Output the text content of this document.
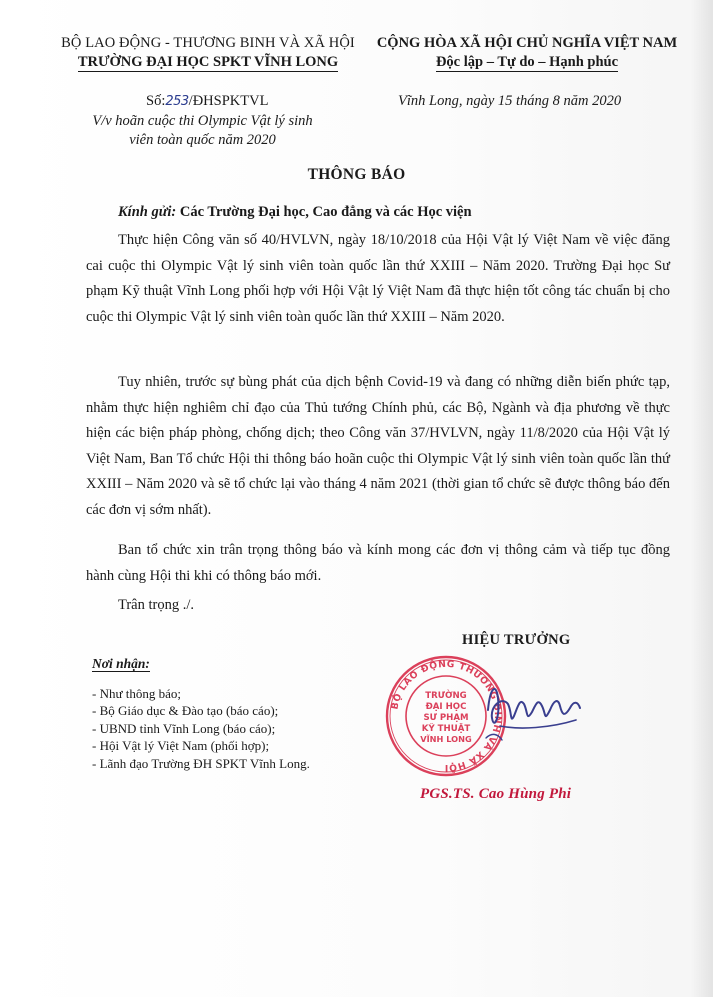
BỘ LAO ĐỘNG - THƯƠNG BINH VÀ XÃ HỘI
TRƯỜNG ĐẠI HỌC SPKT VĨNH LONG
CỘNG HÒA XÃ HỘI CHỦ NGHĨA VIỆT NAM
Độc lập – Tự do – Hạnh phúc
Số:253/ĐHSPKTVL
V/v hoãn cuộc thi Olympic Vật lý sinh viên toàn quốc năm 2020
Vĩnh Long, ngày 15 tháng 8 năm 2020
THÔNG BÁO
Kính gửi: Các Trường Đại học, Cao đẳng và các Học viện
Thực hiện Công văn số 40/HVLVN, ngày 18/10/2018 của Hội Vật lý Việt Nam về việc đăng cai cuộc thi Olympic Vật lý sinh viên toàn quốc lần thứ XXIII – Năm 2020. Trường Đại học Sư phạm Kỹ thuật Vĩnh Long phối hợp với Hội Vật lý Việt Nam đã thực hiện tốt công tác chuẩn bị cho cuộc thi Olympic Vật lý sinh viên toàn quốc lần thứ XXIII – Năm 2020.
Tuy nhiên, trước sự bùng phát của dịch bệnh Covid-19 và đang có những diễn biến phức tạp, nhằm thực hiện nghiêm chỉ đạo của Thủ tướng Chính phủ, các Bộ, Ngành và địa phương về thực hiện các biện pháp phòng, chống dịch; theo Công văn 37/HVLVN, ngày 11/8/2020 của Hội Vật lý Việt Nam, Ban Tổ chức Hội thi thông báo hoãn cuộc thi Olympic Vật lý sinh viên toàn quốc lần thứ XXIII – Năm 2020 và sẽ tổ chức lại vào tháng 4 năm 2021 (thời gian tổ chức sẽ được thông báo đến các đơn vị sớm nhất).
Ban tổ chức xin trân trọng thông báo và kính mong các đơn vị thông cảm và tiếp tục đồng hành cùng Hội thi khi có thông báo mới.
Trân trọng ./.
HIỆU TRƯỞNG
Nơi nhận:
- Như thông báo;
- Bộ Giáo dục & Đào tạo (báo cáo);
- UBND tỉnh Vĩnh Long (báo cáo);
- Hội Vật lý Việt Nam (phối hợp);
- Lãnh đạo Trường ĐH SPKT Vĩnh Long.
BỘ LAO ĐỘNG THƯƠNG BINH VÀ XÃ HỘI
TRƯỜNG
ĐẠI HỌC
SƯ PHẠM
KỸ THUẬT
VĨNH LONG
PGS.TS. Cao Hùng Phi
